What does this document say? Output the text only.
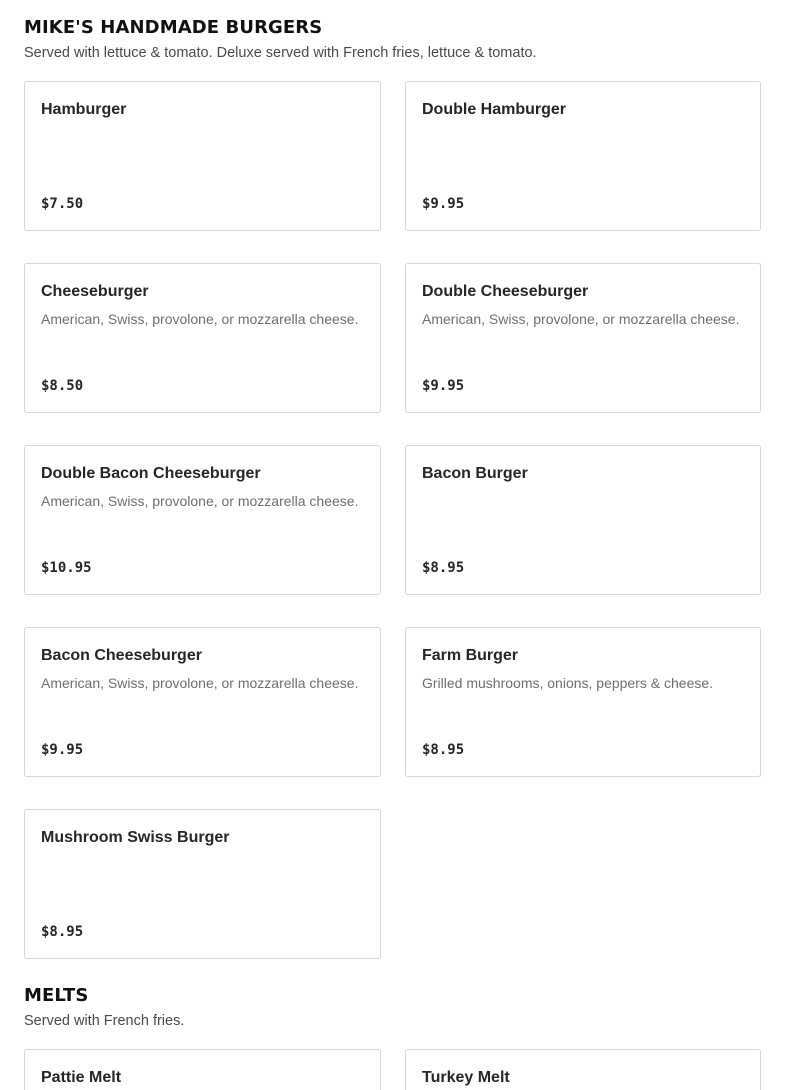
MIKE'S HANDMADE BURGERS

Served with lettuce & tomato. Deluxe served with French fries, lettuce & tomato.

Hamburger

$7.50

Double Hamburger

$9.95

Cheeseburger

American, Swiss, provolone, or mozzarella cheese.

$8.50

Double Cheeseburger

American, Swiss, provolone, or mozzarella cheese.

$9.95

Double Bacon Cheeseburger

American, Swiss, provolone, or mozzarella cheese.

$10.95

Bacon Burger

$8.95

Bacon Cheeseburger

American, Swiss, provolone, or mozzarella cheese.

$9.95

Farm Burger

Grilled mushrooms, onions, peppers & cheese.

$8.95

Mushroom Swiss Burger

$8.95
MELTS

Served with French fries.

Pattie Melt	Turkey Melt
